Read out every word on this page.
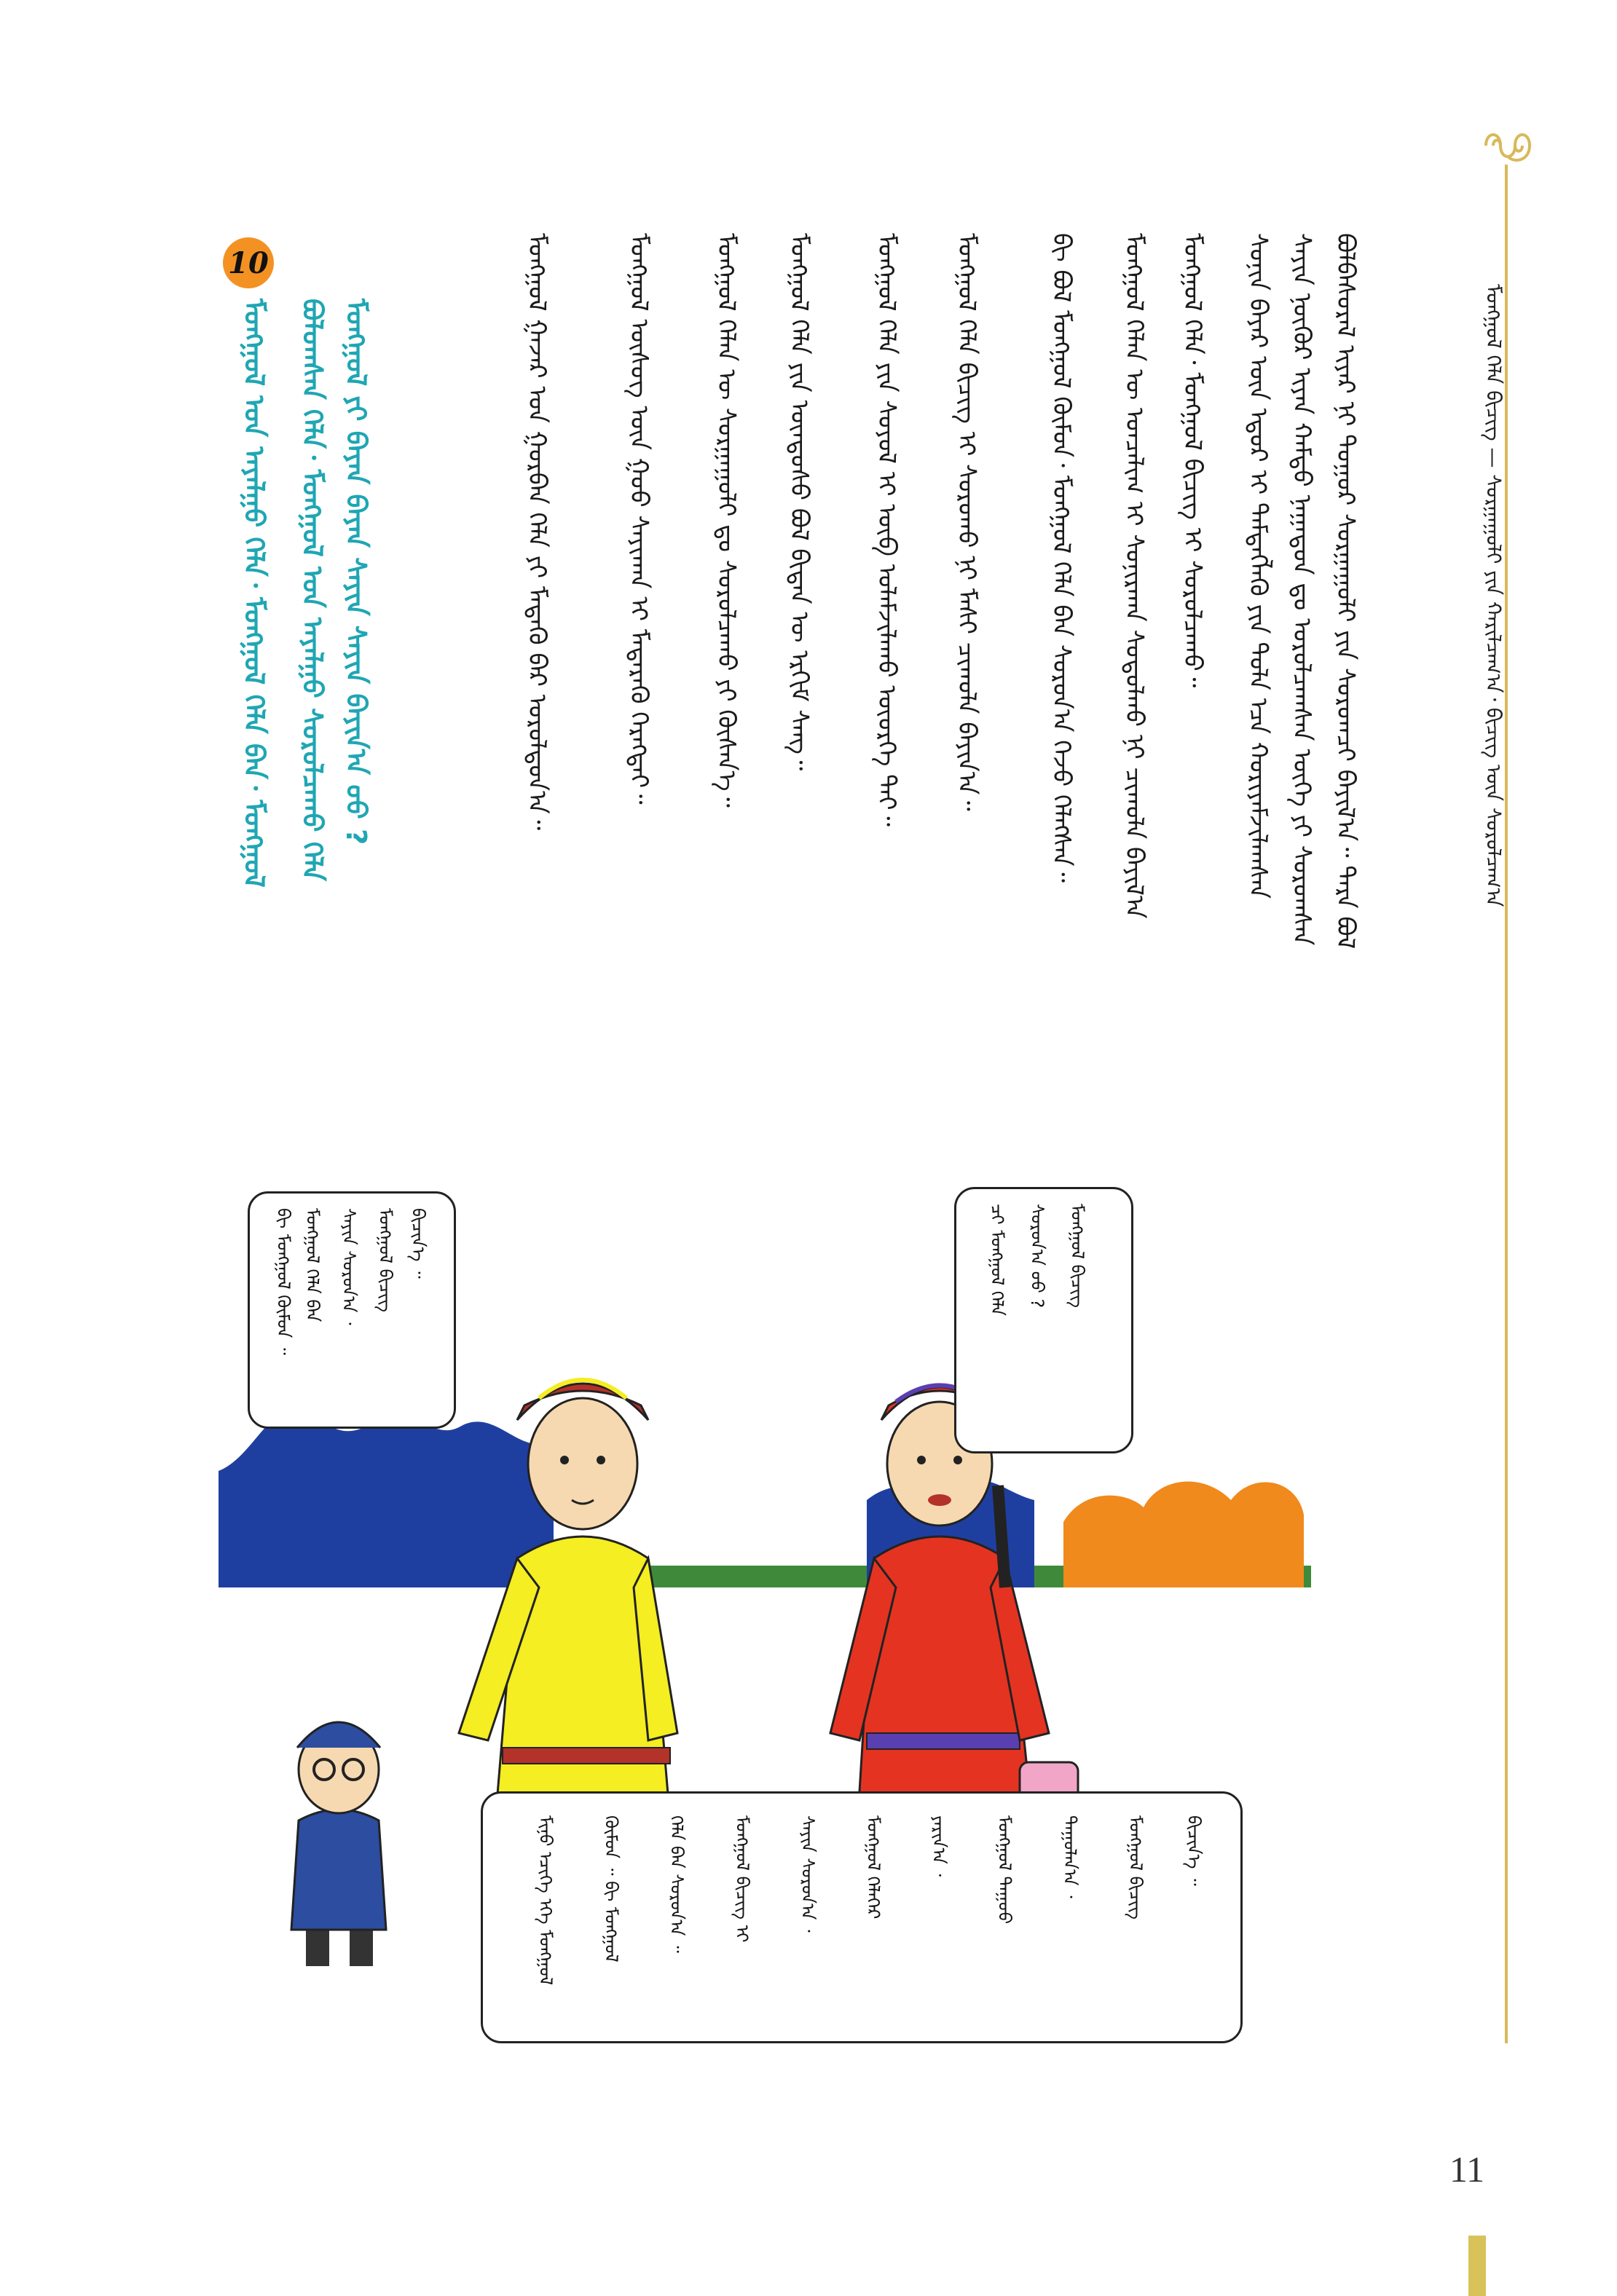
ᠮᠣᠩᠭᠣᠯ ᠬᠡᠯᠡ ᠪᠢᠴᠢᠭ᠌ — ᠰᠤᠷᠭᠠᠭᠤᠯᠢ ᠶᠢᠨ ᠬᠠᠷᠢᠯᠴᠠᠭ᠎ᠠ᠂ ᠪᠢᠴᠢᠭ ᠦᠨ ᠰᠤᠷᠤᠯᠴᠠᠭ᠎ᠠ
ᠪᠣᠯᠪᠠᠰᠤᠷᠠᠯ ᠢᠶᠠᠷ ᠨᠢ ᠳᠤᠭᠤᠷ ᠰᠤᠷᠭᠠᠭᠤᠯᠢ ᠶᠢᠨ ᠰᠤᠷᠤᠭᠴᠢ ᠪᠠᠶᠢᠯ᠎ᠠ᠃ ᠲᠡᠷᠡ ᠪᠣᠯ
ᠰᠠᠶᠢᠨ ᠨᠥᠬᠦᠷ ᠢᠶᠡᠨ ᠬᠠᠮᠲᠤ ᠨᠠᠭᠠᠳᠤᠨ ᠳᠤ ᠣᠷᠣᠯᠴᠠᠭᠰᠠᠨ ᠦᠭᠡ ᠶᠢ ᠰᠤᠷᠤᠭᠰᠠᠨ
ᠰᠣᠨᠢᠨ ᠪᠠᠶᠠᠷ ᠦᠨ ᠡᠳᠦᠷ ᠢ ᠲᠡᠮᠳᠡᠭᠯᠡᠬᠦ ᠶᠢᠨ ᠳᠤᠯᠠ ᠡᠴᠡ ᠬᠤᠷᠢᠶᠠᠮᠵᠢᠯᠠᠭᠰᠠᠨ
ᠮᠣᠩᠭᠣᠯ ᠬᠡᠯᠡ᠂ ᠮᠣᠩᠭᠣᠯ ᠪᠢᠴᠢᠭ ᠢ ᠰᠤᠷᠤᠯᠴᠠᠬᠤ᠃
ᠮᠣᠩᠭᠣᠯ ᠬᠡᠯᠡᠨ ᠦ ᠣᠨᠴᠠᠯᠢᠭ ᠢ ᠰᠣᠨᠢᠷᠬᠠᠨ ᠰᠤᠳᠤᠯᠬᠤ ᠨᠢ ᠴᠢᠬᠤᠯᠠ ᠪᠠᠶᠢᠯ᠎ᠠ
ᠪᠢ ᠪᠣᠯ ᠮᠣᠩᠭᠣᠯ ᠬᠦᠮᠦᠨ᠂ ᠮᠣᠩᠭᠣᠯ ᠬᠡᠯᠡ ᠪᠡᠨ ᠰᠤᠷᠤᠨ᠎ᠠ ᠭᠡᠵᠦ ᠬᠡᠯᠡᠭᠰᠡᠨ᠃
ᠮᠣᠩᠭᠣᠯ ᠬᠡᠯᠡ ᠪᠢᠴᠢᠭ ᠢ ᠰᠤᠷᠤᠬᠤ ᠨᠢ ᠮᠠᠰᠢ ᠴᠢᠬᠤᠯᠠ ᠪᠠᠶᠢᠨ᠎ᠠ᠃
ᠮᠣᠩᠭᠣᠯ ᠬᠡᠯᠡ ᠶᠢᠨ ᠰᠣᠶᠣᠯ ᠢ ᠥᠪ ᠤᠯᠠᠮᠵᠢᠯᠠᠬᠤ ᠦᠦᠷᠭᠡ ᠲᠠᠢ᠃
ᠮᠣᠩᠭᠣᠯ ᠬᠡᠯᠡ ᠶᠢᠨ ᠦᠨᠳᠦᠰᠦ ᠪᠣᠯ ᠪᠢᠳᠡᠨ ᠦ ᠡᠷᠬᠢᠮ ᠰᠠᠩ᠃
ᠮᠣᠩᠭᠣᠯ ᠬᠡᠯᠡᠨ ᠦ ᠰᠤᠷᠭᠠᠭᠤᠯᠢ ᠳᠤ ᠰᠤᠷᠤᠯᠴᠠᠬᠤ ᠶᠢ ᠬᠦᠰᠡᠨ᠎ᠡ᠃
ᠮᠣᠩᠭᠣᠯ ᠦᠰᠦᠭ ᠦᠨ ᠭᠣᠣ ᠰᠠᠶᠢᠬᠠᠨ ᠢ ᠮᠡᠳᠡᠷᠡᠬᠦ ᠬᠡᠷᠡᠭᠲᠡᠢ᠃
ᠮᠣᠩᠭᠣᠯ ᠭᠠᠵᠠᠷ ᠤᠨ ᠭᠤᠷᠪᠠᠨ ᠬᠡᠯᠡ ᠶᠢ ᠮᠡᠳᠡᠬᠦ ᠪᠡᠷ ᠣᠷᠣᠯᠳᠤᠨ᠎ᠠ᠃
10
ᠮᠣᠩᠭᠣᠯ ᠤᠨ ᠠᠶᠠᠯᠭᠤ ᠬᠡᠯᠡ᠂ ᠮᠣᠩᠭᠣᠯ ᠬᠡᠯᠡ ᠪᠡᠨ᠂ ᠮᠣᠩᠭᠣᠯ ᠪᠤᠯᠤᠭᠰᠠᠨ ᠬᠡᠯᠡ᠂ ᠮᠣᠩᠭᠣᠯ ᠤᠨ ᠠᠶᠠᠯᠭᠤ ᠰᠤᠷᠤᠯᠴᠠᠬᠤ ᠬᠡᠯᠡ ᠮᠣᠩᠭᠣᠯ ᠶᠢ ᠪᠠᠶᠠᠨ ᠪᠠᠶᠠᠨ ᠰᠠᠶᠢᠨ ᠰᠠᠶᠢᠨ ᠪᠠᠶᠢᠨ᠎ᠠ ᠤᠤ ?
ᠪᠢ ᠮᠣᠩᠭᠣᠯ ᠬᠦᠮᠦᠨ ᠃ ᠮᠣᠩᠭᠣᠯ ᠬᠡᠯᠡ ᠪᠡᠨ ᠰᠠᠶᠢᠨ ᠰᠤᠷᠤᠨ᠎ᠠ ᠂ ᠮᠣᠩᠭᠣᠯ ᠪᠢᠴᠢᠭ ᠪᠢᠴᠢᠨ᠎ᠡ ᠃	ᠴᠢ ᠮᠣᠩᠭᠣᠯ ᠬᠡᠯᠡ	ᠰᠤᠷᠤᠨ᠎ᠠ ᠤᠤ ?	ᠮᠣᠩᠭᠣᠯ ᠪᠢᠴᠢᠭ
ᠮᠢᠨᠤ ᠡᠴᠢᠭᠡ ᠡᠬᠡ ᠮᠣᠩᠭᠣᠯ	ᠬᠦᠮᠦᠨ ᠃ ᠪᠢ ᠮᠣᠩᠭᠣᠯ	ᠬᠡᠯᠡ ᠪᠡᠨ ᠰᠤᠷᠤᠨ᠎ᠠ ᠃	ᠮᠣᠩᠭᠣᠯ ᠪᠢᠴᠢᠭ ᠢ	ᠰᠠᠶᠢᠨ ᠰᠤᠷᠤᠨ᠎ᠠ ᠂	ᠮᠣᠩᠭᠣᠯ ᠬᠡᠯᠡᠭᠡᠷ	ᠶᠠᠷᠢᠨ᠎ᠠ ᠂	ᠮᠣᠩᠭᠣᠯ ᠳᠠᠭᠤᠤ	ᠳᠠᠭᠤᠯᠠᠨ᠎ᠠ ᠂	ᠮᠣᠩᠭᠣᠯ ᠪᠢᠴᠢᠭ	ᠪᠢᠴᠢᠨ᠎ᠡ ᠃
11
